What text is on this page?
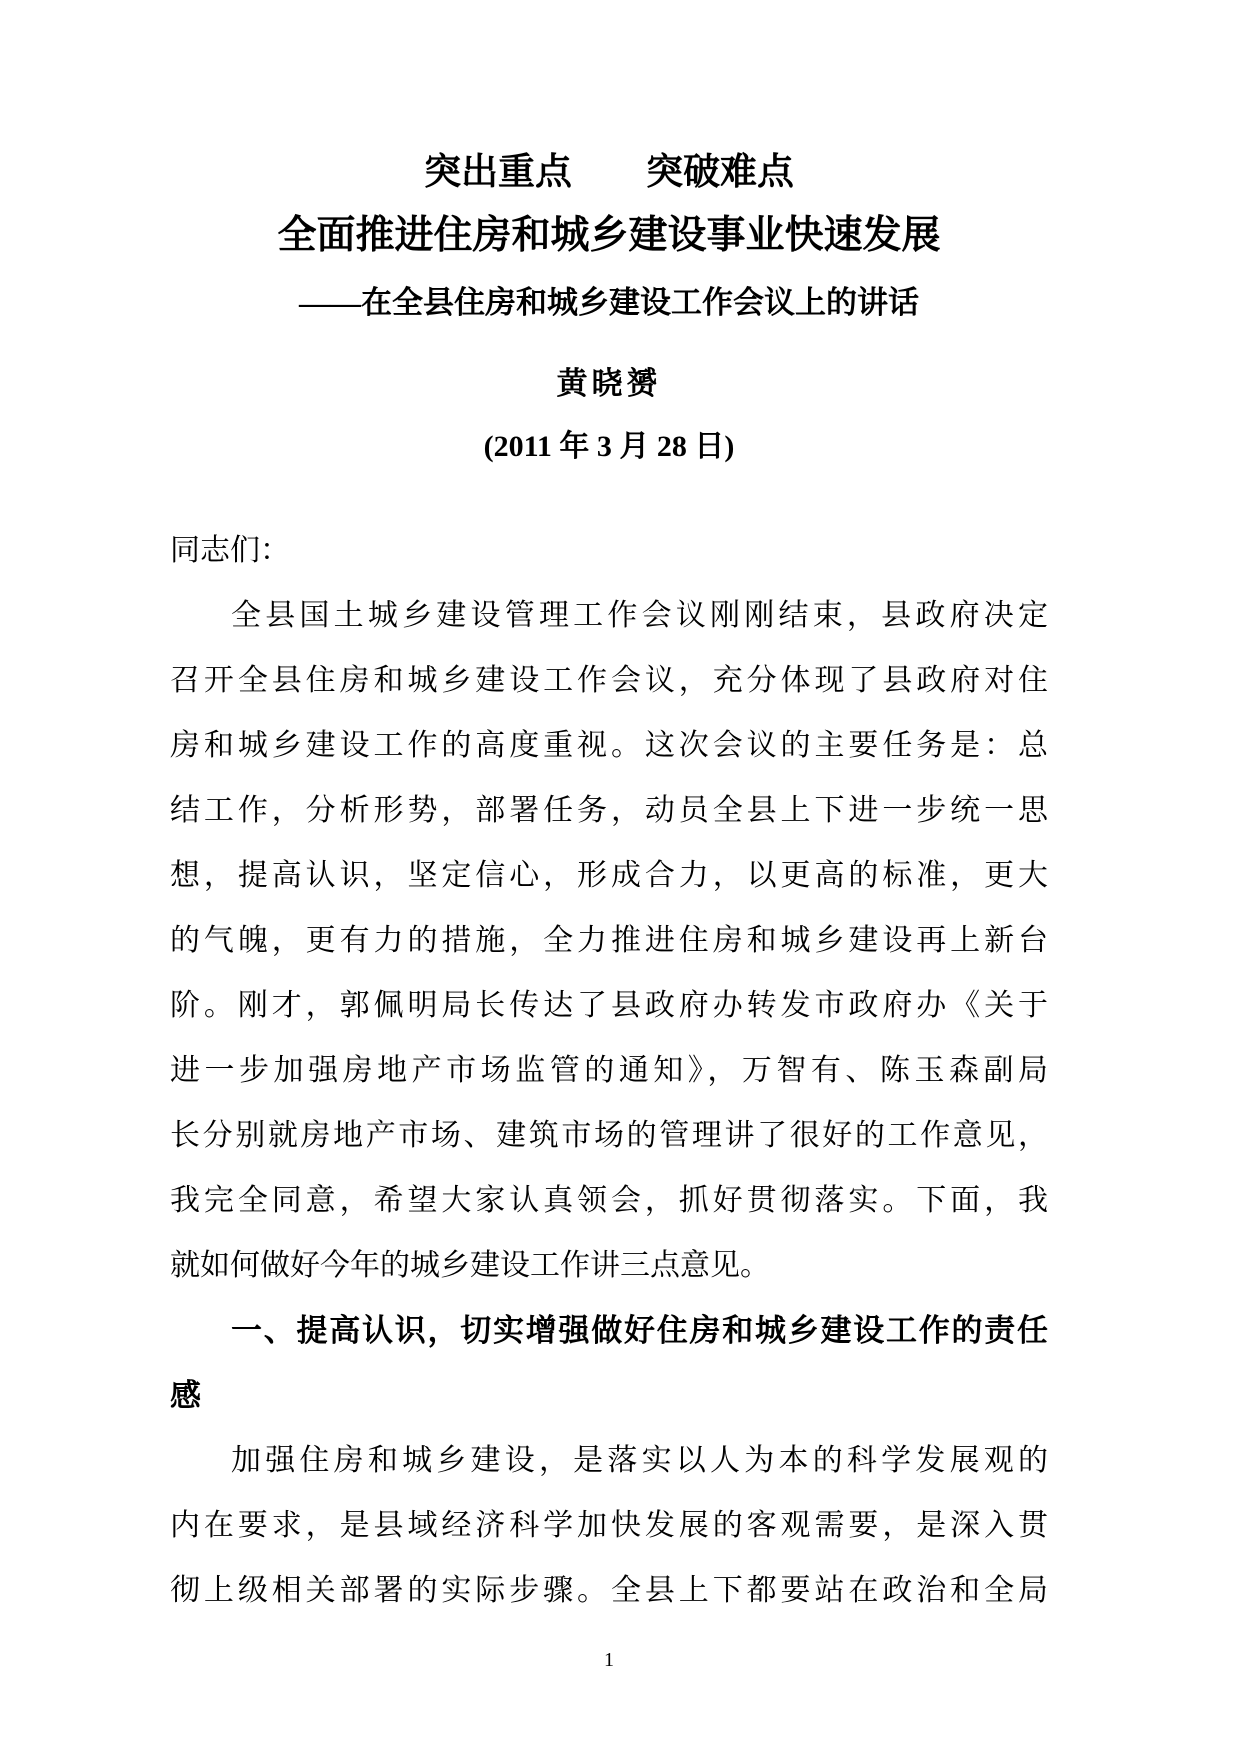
突出重点　　突破难点
全面推进住房和城乡建设事业快速发展
——在全县住房和城乡建设工作会议上的讲话
黄晓赟
(2011 年 3 月 28 日)
同志们：
全县国土城乡建设管理工作会议刚刚结束，县政府决定
召开全县住房和城乡建设工作会议，充分体现了县政府对住
房和城乡建设工作的高度重视。这次会议的主要任务是：总
结工作，分析形势，部署任务，动员全县上下进一步统一思
想，提高认识，坚定信心，形成合力，以更高的标准，更大
的气魄，更有力的措施，全力推进住房和城乡建设再上新台
阶。刚才，郭佩明局长传达了县政府办转发市政府办《关于
进一步加强房地产市场监管的通知》，万智有、陈玉森副局
长分别就房地产市场、建筑市场的管理讲了很好的工作意见，
我完全同意，希望大家认真领会，抓好贯彻落实。下面，我
就如何做好今年的城乡建设工作讲三点意见。
一、提高认识，切实增强做好住房和城乡建设工作的责任
感
加强住房和城乡建设，是落实以人为本的科学发展观的
内在要求，是县域经济科学加快发展的客观需要，是深入贯
彻上级相关部署的实际步骤。全县上下都要站在政治和全局
1
